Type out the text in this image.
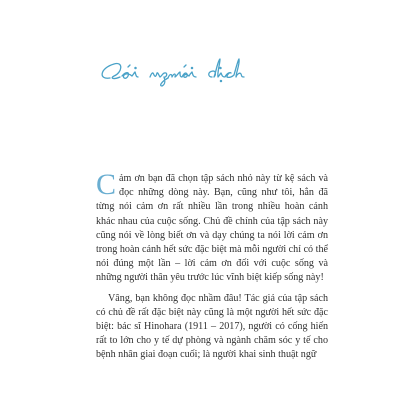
Cảm ơn bạn đã chọn tập sách nhỏ này từ kệ sách và đọc những dòng này. Bạn, cũng như tôi, hẳn đã từng nói cảm ơn rất nhiều lần trong nhiều hoàn cảnh khác nhau của cuộc sống. Chủ đề chính của tập sách này cũng nói về lòng biết ơn và dạy chúng ta nói lời cảm ơn trong hoàn cảnh hết sức đặc biệt mà mỗi người chỉ có thể nói đúng một lần – lời cảm ơn đối với cuộc sống và những người thân yêu trước lúc vĩnh biệt kiếp sống này!

Vâng, bạn không đọc nhầm đâu! Tác giả của tập sách có chủ đề rất đặc biệt này cũng là một người hết sức đặc biệt: bác sĩ Hinohara (1911 – 2017), người có cống hiến rất to lớn cho y tế dự phòng và ngành chăm sóc y tế cho bệnh nhân giai đoạn cuối; là người khai sinh thuật ngữ
